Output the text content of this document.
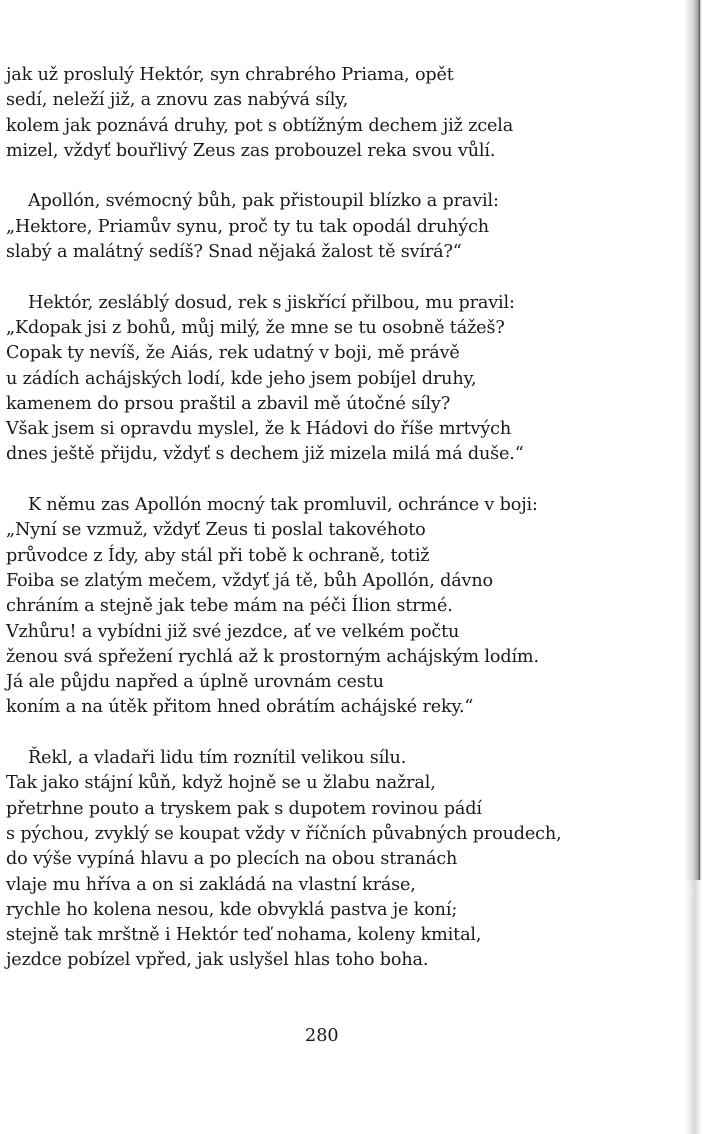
jak už proslulý Hektór, syn chrabrého Priama, opět
sedí, neleží již, a znovu zas nabývá síly,
kolem jak poznává druhy, pot s obtížným dechem již zcela
mizel, vždyť bouřlivý Zeus zas probouzel reka svou vůlí.
Apollón, svémocný bůh, pak přistoupil blízko a pravil:
„Hektore, Priamův synu, proč ty tu tak opodál druhých
slabý a malátný sedíš? Snad nějaká žalost tě svírá?“
Hektór, zesláblý dosud, rek s jiskřící přilbou, mu pravil:
„Kdopak jsi z bohů, můj milý, že mne se tu osobně tážeš?
Copak ty nevíš, že Aiás, rek udatný v boji, mě právě
u zádích achájských lodí, kde jeho jsem pobíjel druhy,
kamenem do prsou praštil a zbavil mě útočné síly?
Však jsem si opravdu myslel, že k Hádovi do říše mrtvých
dnes ještě přijdu, vždyť s dechem již mizela milá má duše.“
K němu zas Apollón mocný tak promluvil, ochránce v boji:
„Nyní se vzmuž, vždyť Zeus ti poslal takovéhoto
průvodce z Ídy, aby stál při tobě k ochraně, totiž
Foiba se zlatým mečem, vždyť já tě, bůh Apollón, dávno
chráním a stejně jak tebe mám na péči Ílion strmé.
Vzhůru! a vybídni již své jezdce, ať ve velkém počtu
ženou svá spřežení rychlá až k prostorným achájským lodím.
Já ale půjdu napřed a úplně urovnám cestu
koním a na útěk přitom hned obrátím achájské reky.“
Řekl, a vladaři lidu tím roznítil velikou sílu.
Tak jako stájní kůň, když hojně se u žlabu nažral,
přetrhne pouto a tryskem pak s dupotem rovinou pádí
s pýchou, zvyklý se koupat vždy v říčních půvabných proudech,
do výše vypíná hlavu a po plecích na obou stranách
vlaje mu hříva a on si zakládá na vlastní kráse,
rychle ho kolena nesou, kde obvyklá pastva je koní;
stejně tak mrštně i Hektór teď nohama, koleny kmital,
jezdce pobízel vpřed, jak uslyšel hlas toho boha.
280
